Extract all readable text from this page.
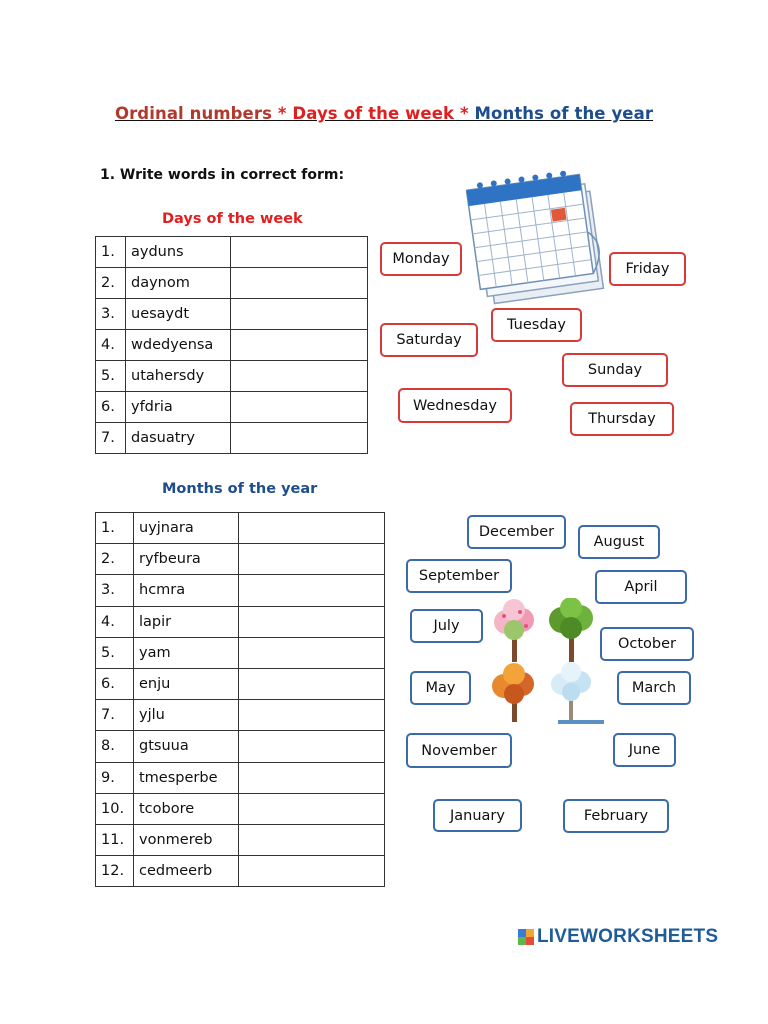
Ordinal numbers * Days of the week * Months of the year
1. Write words in correct form:
Days of the week
1.	ayduns	
2.	daynom	
3.	uesaydt	
4.	wdedyensa	
5.	utahersdy	
6.	yfdria	
7.	dasuatry	
Monday
Friday
Tuesday
Saturday
Sunday
Wednesday
Thursday
Months of the year
1.	uyjnara	
2.	ryfbeura	
3.	hcmra	
4.	lapir	
5.	yam	
6.	enju	
7.	yjlu	
8.	gtsuua	
9.	tmesperbe	
10.	tcobore	
11.	vonmereb	
12.	cedmeerb	
December
August
September
April
July
October
May	March
November	June
January	February
LIVEWORKSHEETS
